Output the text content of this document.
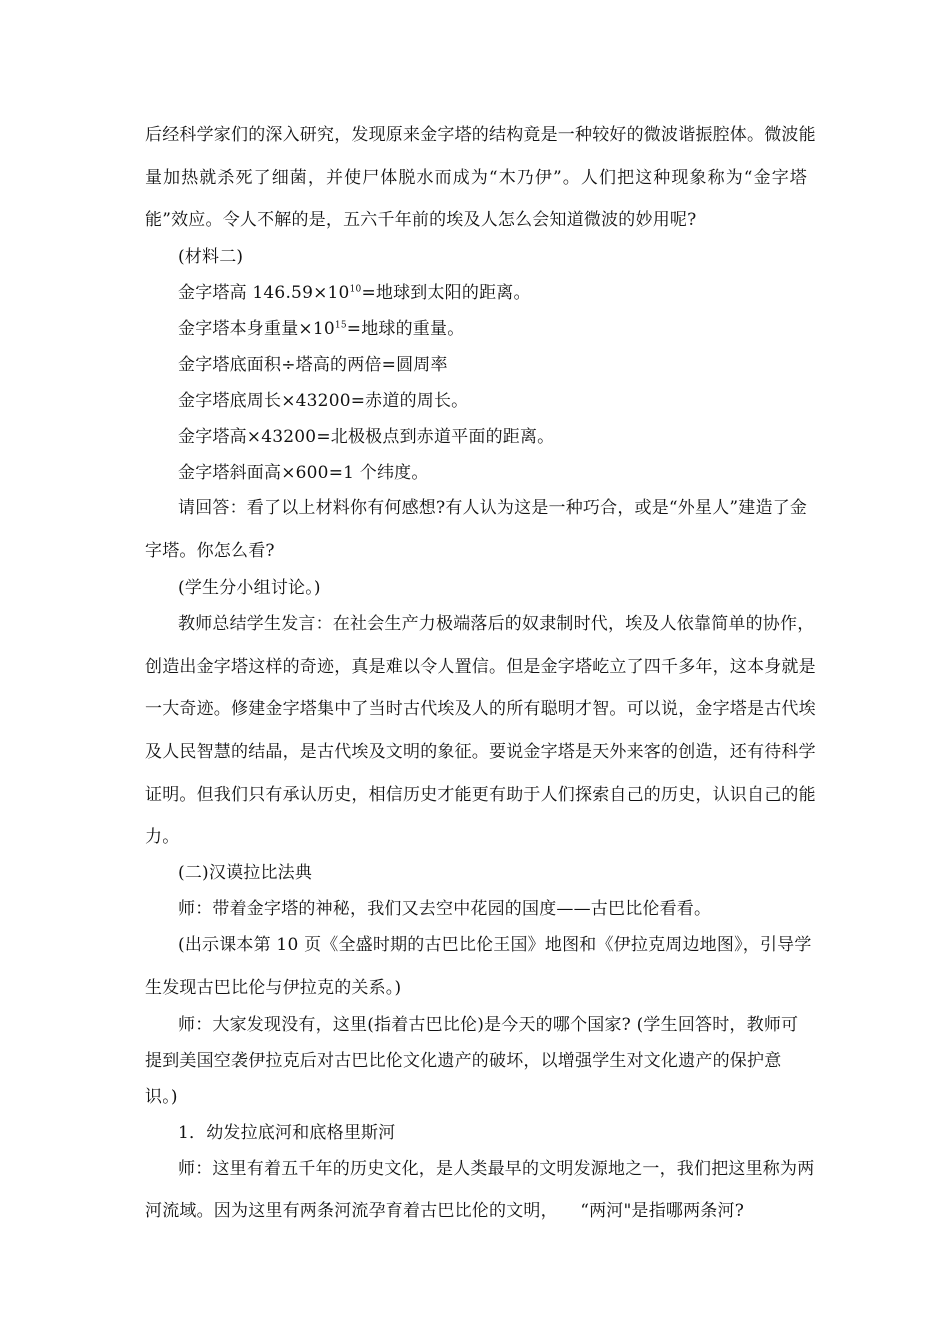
后经科学家们的深入研究，发现原来金字塔的结构竟是一种较好的微波谐振腔体。微波能
量加热就杀死了细菌，并使尸体脱水而成为“木乃伊”。人们把这种现象称为“金字塔
能”效应。令人不解的是，五六千年前的埃及人怎么会知道微波的妙用呢?
(材料二)
金字塔高 $146.59\times 10^{10}=$地球到太阳的距离。
金字塔本身重量$\times 10^{15}=$地球的重量。
金字塔底面积÷塔高的两倍=圆周率
金字塔底周长×43200=赤道的周长。
金字塔高×43200=北极极点到赤道平面的距离。
金字塔斜面高×600=1 个纬度。
请回答：看了以上材料你有何感想?有人认为这是一种巧合，或是“外星人”建造了金
字塔。你怎么看?
(学生分小组讨论。)
教师总结学生发言：在社会生产力极端落后的奴隶制时代，埃及人依靠简单的协作，
创造出金字塔这样的奇迹，真是难以令人置信。但是金字塔屹立了四千多年，这本身就是
一大奇迹。修建金字塔集中了当时古代埃及人的所有聪明才智。可以说，金字塔是古代埃
及人民智慧的结晶，是古代埃及文明的象征。要说金字塔是天外来客的创造，还有待科学
证明。但我们只有承认历史，相信历史才能更有助于人们探索自己的历史，认识自己的能
力。
(二)汉谟拉比法典
师：带着金字塔的神秘，我们又去空中花园的国度——古巴比伦看看。
(出示课本第 10 页《全盛时期的古巴比伦王国》地图和《伊拉克周边地图》，引导学
生发现古巴比伦与伊拉克的关系。)
师：大家发现没有，这里(指着古巴比伦)是今天的哪个国家? (学生回答时，教师可
提到美国空袭伊拉克后对古巴比伦文化遗产的破坏，以增强学生对文化遗产的保护意
识。)
1．幼发拉底河和底格里斯河
师：这里有着五千年的历史文化，是人类最早的文明发源地之一，我们把这里称为两
河流域。因为这里有两条河流孕育着古巴比伦的文明，    “两河"是指哪两条河?
